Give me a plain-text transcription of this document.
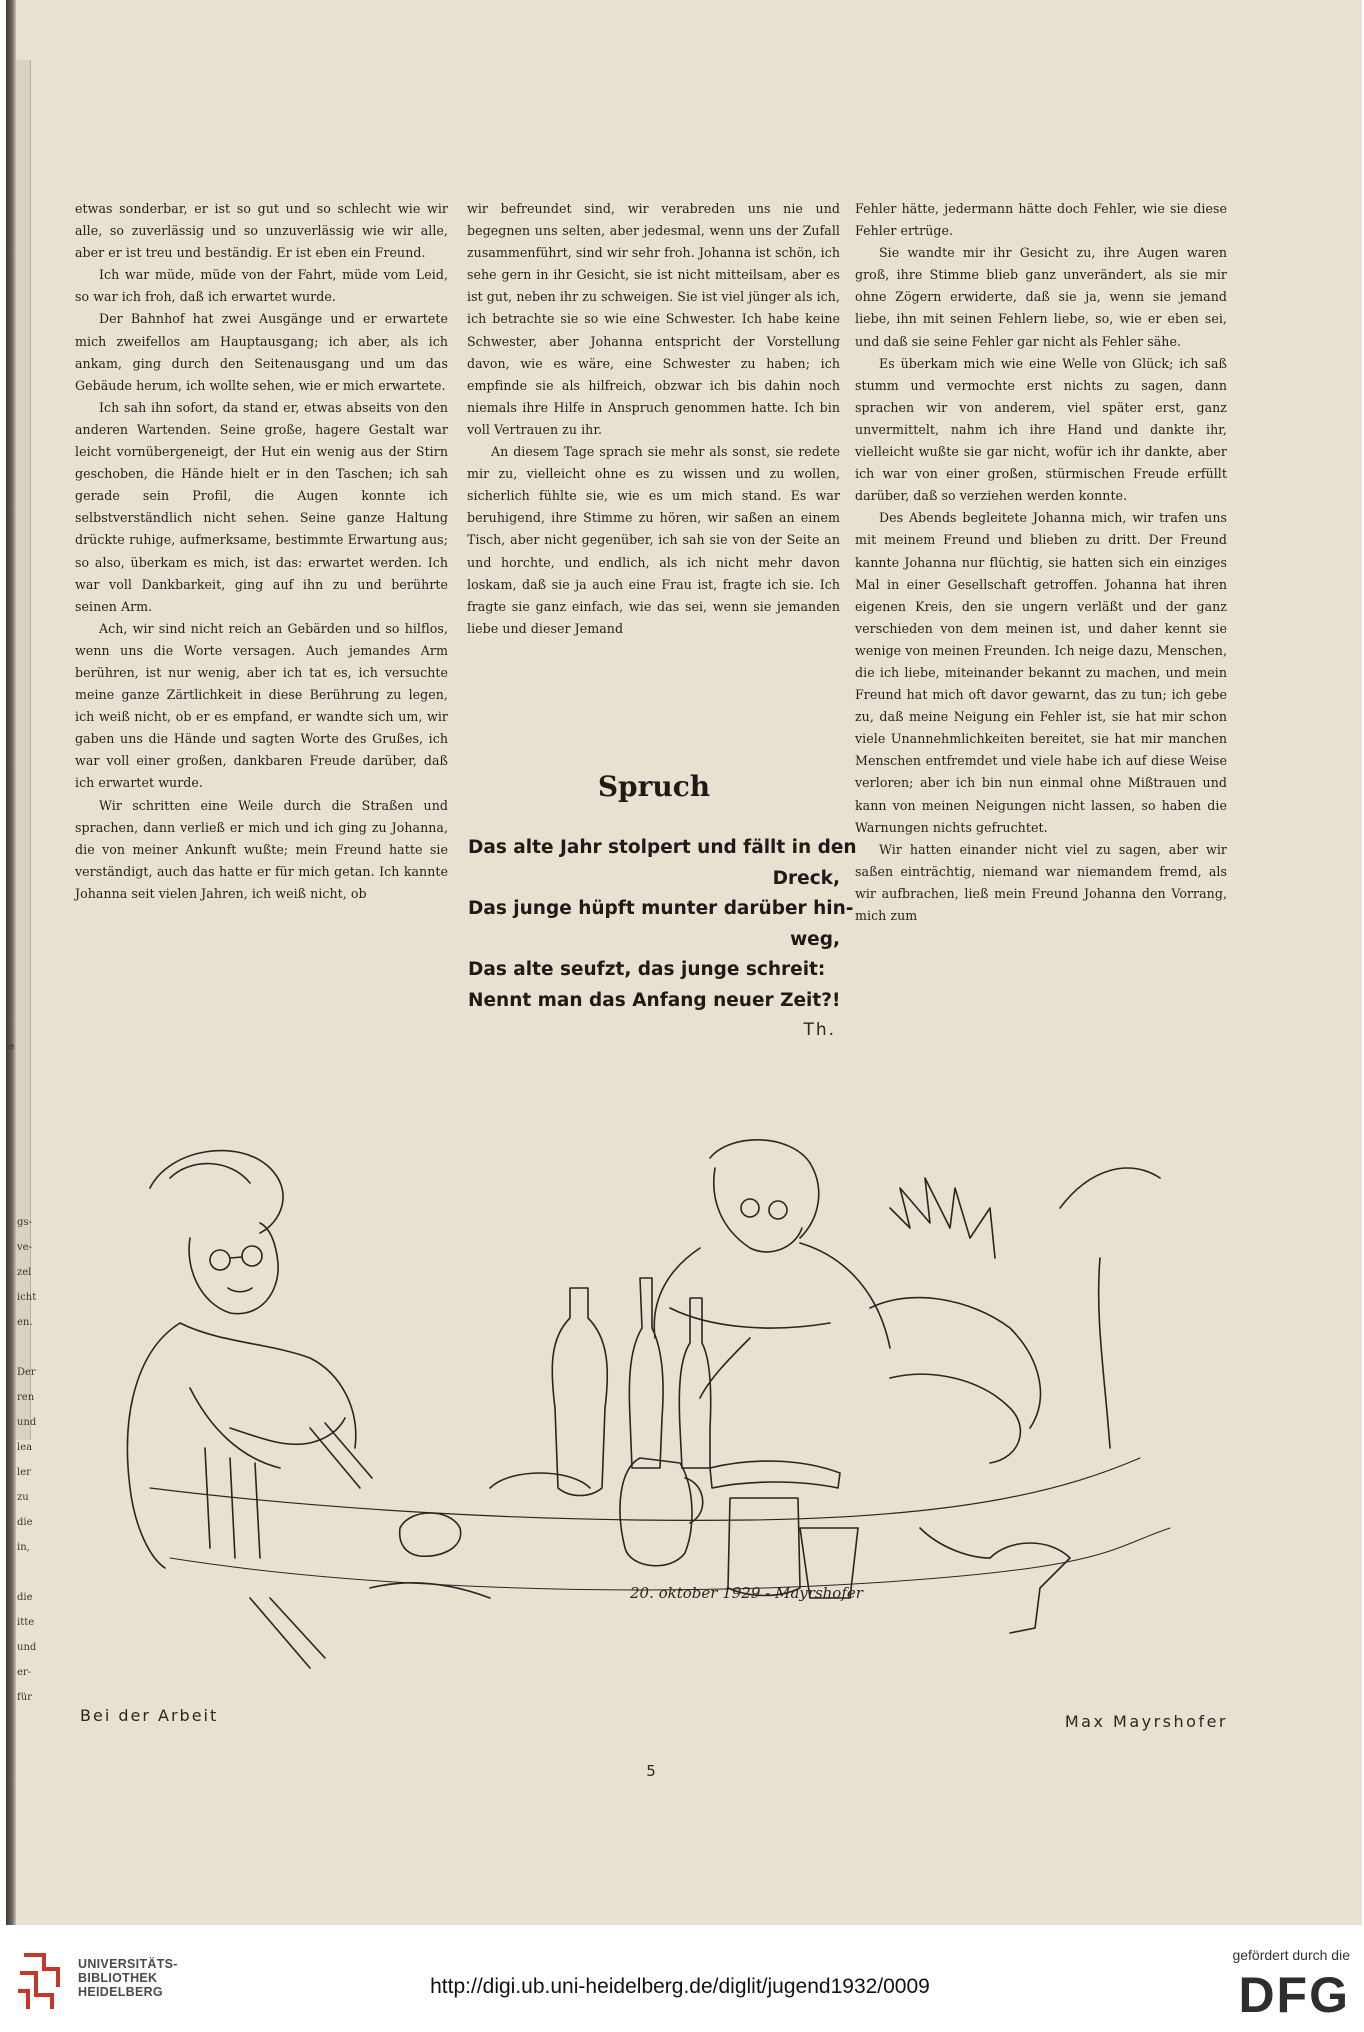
e
gs-
ve-
zel
icht
en.

Der
ren
und
lea
ler
zu
die
in,

die
itte
und
er-
für

etwas sonderbar, er ist so gut und so schlecht wie wir alle, so zuverlässig und so unzuverlässig wie wir alle, aber er ist treu und beständig. Er ist eben ein Freund.

Ich war müde, müde von der Fahrt, müde vom Leid, so war ich froh, daß ich erwartet wurde.

Der Bahnhof hat zwei Ausgänge und er erwartete mich zweifellos am Hauptausgang; ich aber, als ich ankam, ging durch den Seitenausgang und um das Gebäude herum, ich wollte sehen, wie er mich erwartete.

Ich sah ihn sofort, da stand er, etwas abseits von den anderen Wartenden. Seine große, hagere Gestalt war leicht vornübergeneigt, der Hut ein wenig aus der Stirn geschoben, die Hände hielt er in den Taschen; ich sah gerade sein Profil, die Augen konnte ich selbstverständlich nicht sehen. Seine ganze Haltung drückte ruhige, aufmerksame, bestimmte Erwartung aus; so also, überkam es mich, ist das: erwartet werden. Ich war voll Dankbarkeit, ging auf ihn zu und berührte seinen Arm.

Ach, wir sind nicht reich an Gebärden und so hilflos, wenn uns die Worte versagen. Auch jemandes Arm berühren, ist nur wenig, aber ich tat es, ich versuchte meine ganze Zärtlichkeit in diese Berührung zu legen, ich weiß nicht, ob er es empfand, er wandte sich um, wir gaben uns die Hände und sagten Worte des Grußes, ich war voll einer großen, dankbaren Freude darüber, daß ich erwartet wurde.

Wir schritten eine Weile durch die Straßen und sprachen, dann verließ er mich und ich ging zu Johanna, die von meiner Ankunft wußte; mein Freund hatte sie verständigt, auch das hatte er für mich getan. Ich kannte Johanna seit vielen Jahren, ich weiß nicht, ob

wir befreundet sind, wir verabreden uns nie und begegnen uns selten, aber jedesmal, wenn uns der Zufall zusammenführt, sind wir sehr froh. Johanna ist schön, ich sehe gern in ihr Gesicht, sie ist nicht mitteilsam, aber es ist gut, neben ihr zu schweigen. Sie ist viel jünger als ich, ich betrachte sie so wie eine Schwester. Ich habe keine Schwester, aber Johanna entspricht der Vorstellung davon, wie es wäre, eine Schwester zu haben; ich empfinde sie als hilfreich, obzwar ich bis dahin noch niemals ihre Hilfe in Anspruch genommen hatte. Ich bin voll Vertrauen zu ihr.

An diesem Tage sprach sie mehr als sonst, sie redete mir zu, vielleicht ohne es zu wissen und zu wollen, sicherlich fühlte sie, wie es um mich stand. Es war beruhigend, ihre Stimme zu hören, wir saßen an einem Tisch, aber nicht gegenüber, ich sah sie von der Seite an und horchte, und endlich, als ich nicht mehr davon loskam, daß sie ja auch eine Frau ist, fragte ich sie. Ich fragte sie ganz einfach, wie das sei, wenn sie jemanden liebe und dieser Jemand

Spruch
Das alte Jahr stolpert und fällt in den
Dreck,
Das junge hüpft munter darüber hin-
weg,
Das alte seufzt, das junge schreit:
Nennt man das Anfang neuer Zeit?!
Th.

Fehler hätte, jedermann hätte doch Fehler, wie sie diese Fehler ertrüge.

Sie wandte mir ihr Gesicht zu, ihre Augen waren groß, ihre Stimme blieb ganz unverändert, als sie mir ohne Zögern erwiderte, daß sie ja, wenn sie jemand liebe, ihn mit seinen Fehlern liebe, so, wie er eben sei, und daß sie seine Fehler gar nicht als Fehler sähe.

Es überkam mich wie eine Welle von Glück; ich saß stumm und vermochte erst nichts zu sagen, dann sprachen wir von anderem, viel später erst, ganz unvermittelt, nahm ich ihre Hand und dankte ihr, vielleicht wußte sie gar nicht, wofür ich ihr dankte, aber ich war von einer großen, stürmischen Freude erfüllt darüber, daß so verziehen werden konnte.

Des Abends begleitete Johanna mich, wir trafen uns mit meinem Freund und blieben zu dritt. Der Freund kannte Johanna nur flüchtig, sie hatten sich ein einziges Mal in einer Gesellschaft getroffen. Johanna hat ihren eigenen Kreis, den sie ungern verläßt und der ganz verschieden von dem meinen ist, und daher kennt sie wenige von meinen Freunden. Ich neige dazu, Menschen, die ich liebe, miteinander bekannt zu machen, und mein Freund hat mich oft davor gewarnt, das zu tun; ich gebe zu, daß meine Neigung ein Fehler ist, sie hat mir schon viele Unannehmlichkeiten bereitet, sie hat mir manchen Menschen entfremdet und viele habe ich auf diese Weise verloren; aber ich bin nun einmal ohne Mißtrauen und kann von meinen Neigungen nicht lassen, so haben die Warnungen nichts gefruchtet.

Wir hatten einander nicht viel zu sagen, aber wir saßen einträchtig, niemand war niemandem fremd, als wir aufbrachen, ließ mein Freund Johanna den Vorrang, mich zum

20. oktober 1929 - Mayrshofer
Bei der Arbeit	Max Mayrshofer
5
UNIVERSITÄTS-
BIBLIOTHEK
HEIDELBERG	http://digi.ub.uni-heidelberg.de/diglit/jugend1932/0009
gefördert durch die
DFG
